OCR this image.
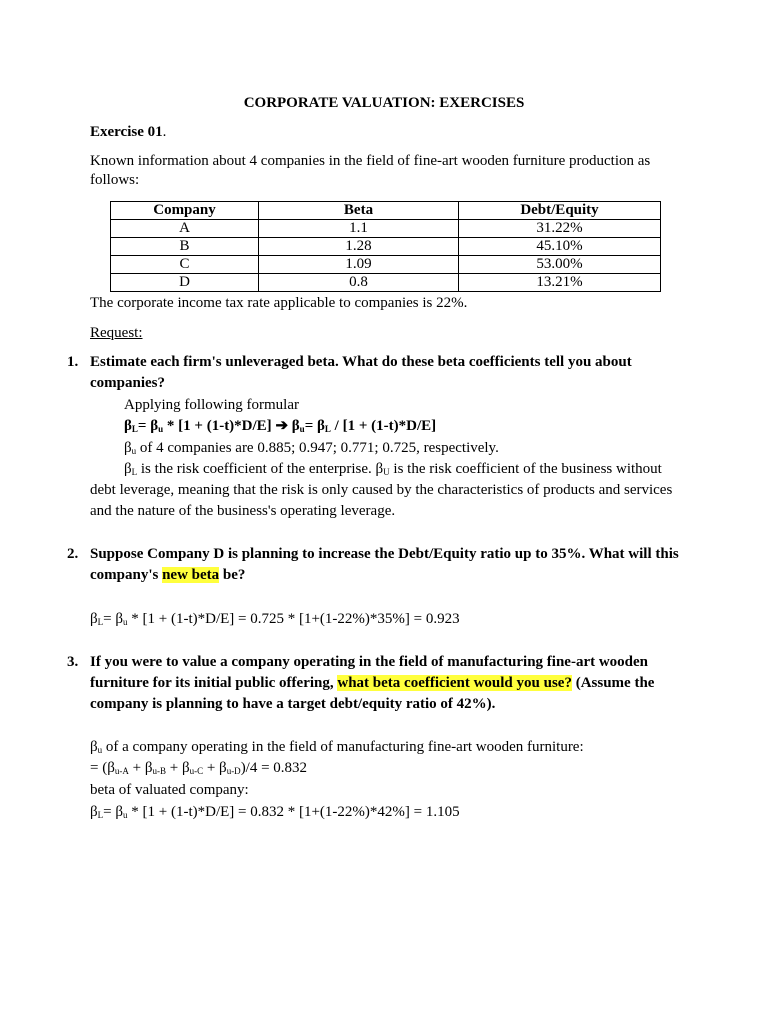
CORPORATE VALUATION: EXERCISES
Exercise 01.
Known information about 4 companies in the field of fine-art wooden furniture production as follows:
Company	Beta	Debt/Equity
A	1.1	31.22%
B	1.28	45.10%
C	1.09	53.00%
D	0.8	13.21%
The corporate income tax rate applicable to companies is 22%.
Request:
1. Estimate each firm's unleveraged beta. What do these beta coefficients tell you about companies?
Applying following formular
$\beta_L= \beta_u * [1 + (1-t)*D/E]$ ➔ $\beta_u= \beta_L / [1 + (1-t)*D/E]$
$\beta_u$ of 4 companies are 0.885; 0.947; 0.771; 0.725, respectively.
$\beta_L$ is the risk coefficient of the enterprise. $\beta_U$ is the risk coefficient of the business without debt leverage, meaning that the risk is only caused by the characteristics of products and services and the nature of the business's operating leverage.
2. Suppose Company D is planning to increase the Debt/Equity ratio up to 35%. What will this company's new beta be?
$\beta_L= \beta_u * [1 + (1-t)*D/E] = 0.725 * [1+(1-22\%)*35\%] = 0.923$
3. If you were to value a company operating in the field of manufacturing fine-art wooden furniture for its initial public offering, what beta coefficient would you use? (Assume the company is planning to have a target debt/equity ratio of 42%).
$\beta_u$ of a company operating in the field of manufacturing fine-art wooden furniture:
= $(\beta_{u-A} + \beta_{u-B} + \beta_{u-C} + \beta_{u-D})/4 = 0.832$
beta of valuated company:
$\beta_L= \beta_u * [1 + (1-t)*D/E] = 0.832 * [1+(1-22\%)*42\%] = 1.105$
